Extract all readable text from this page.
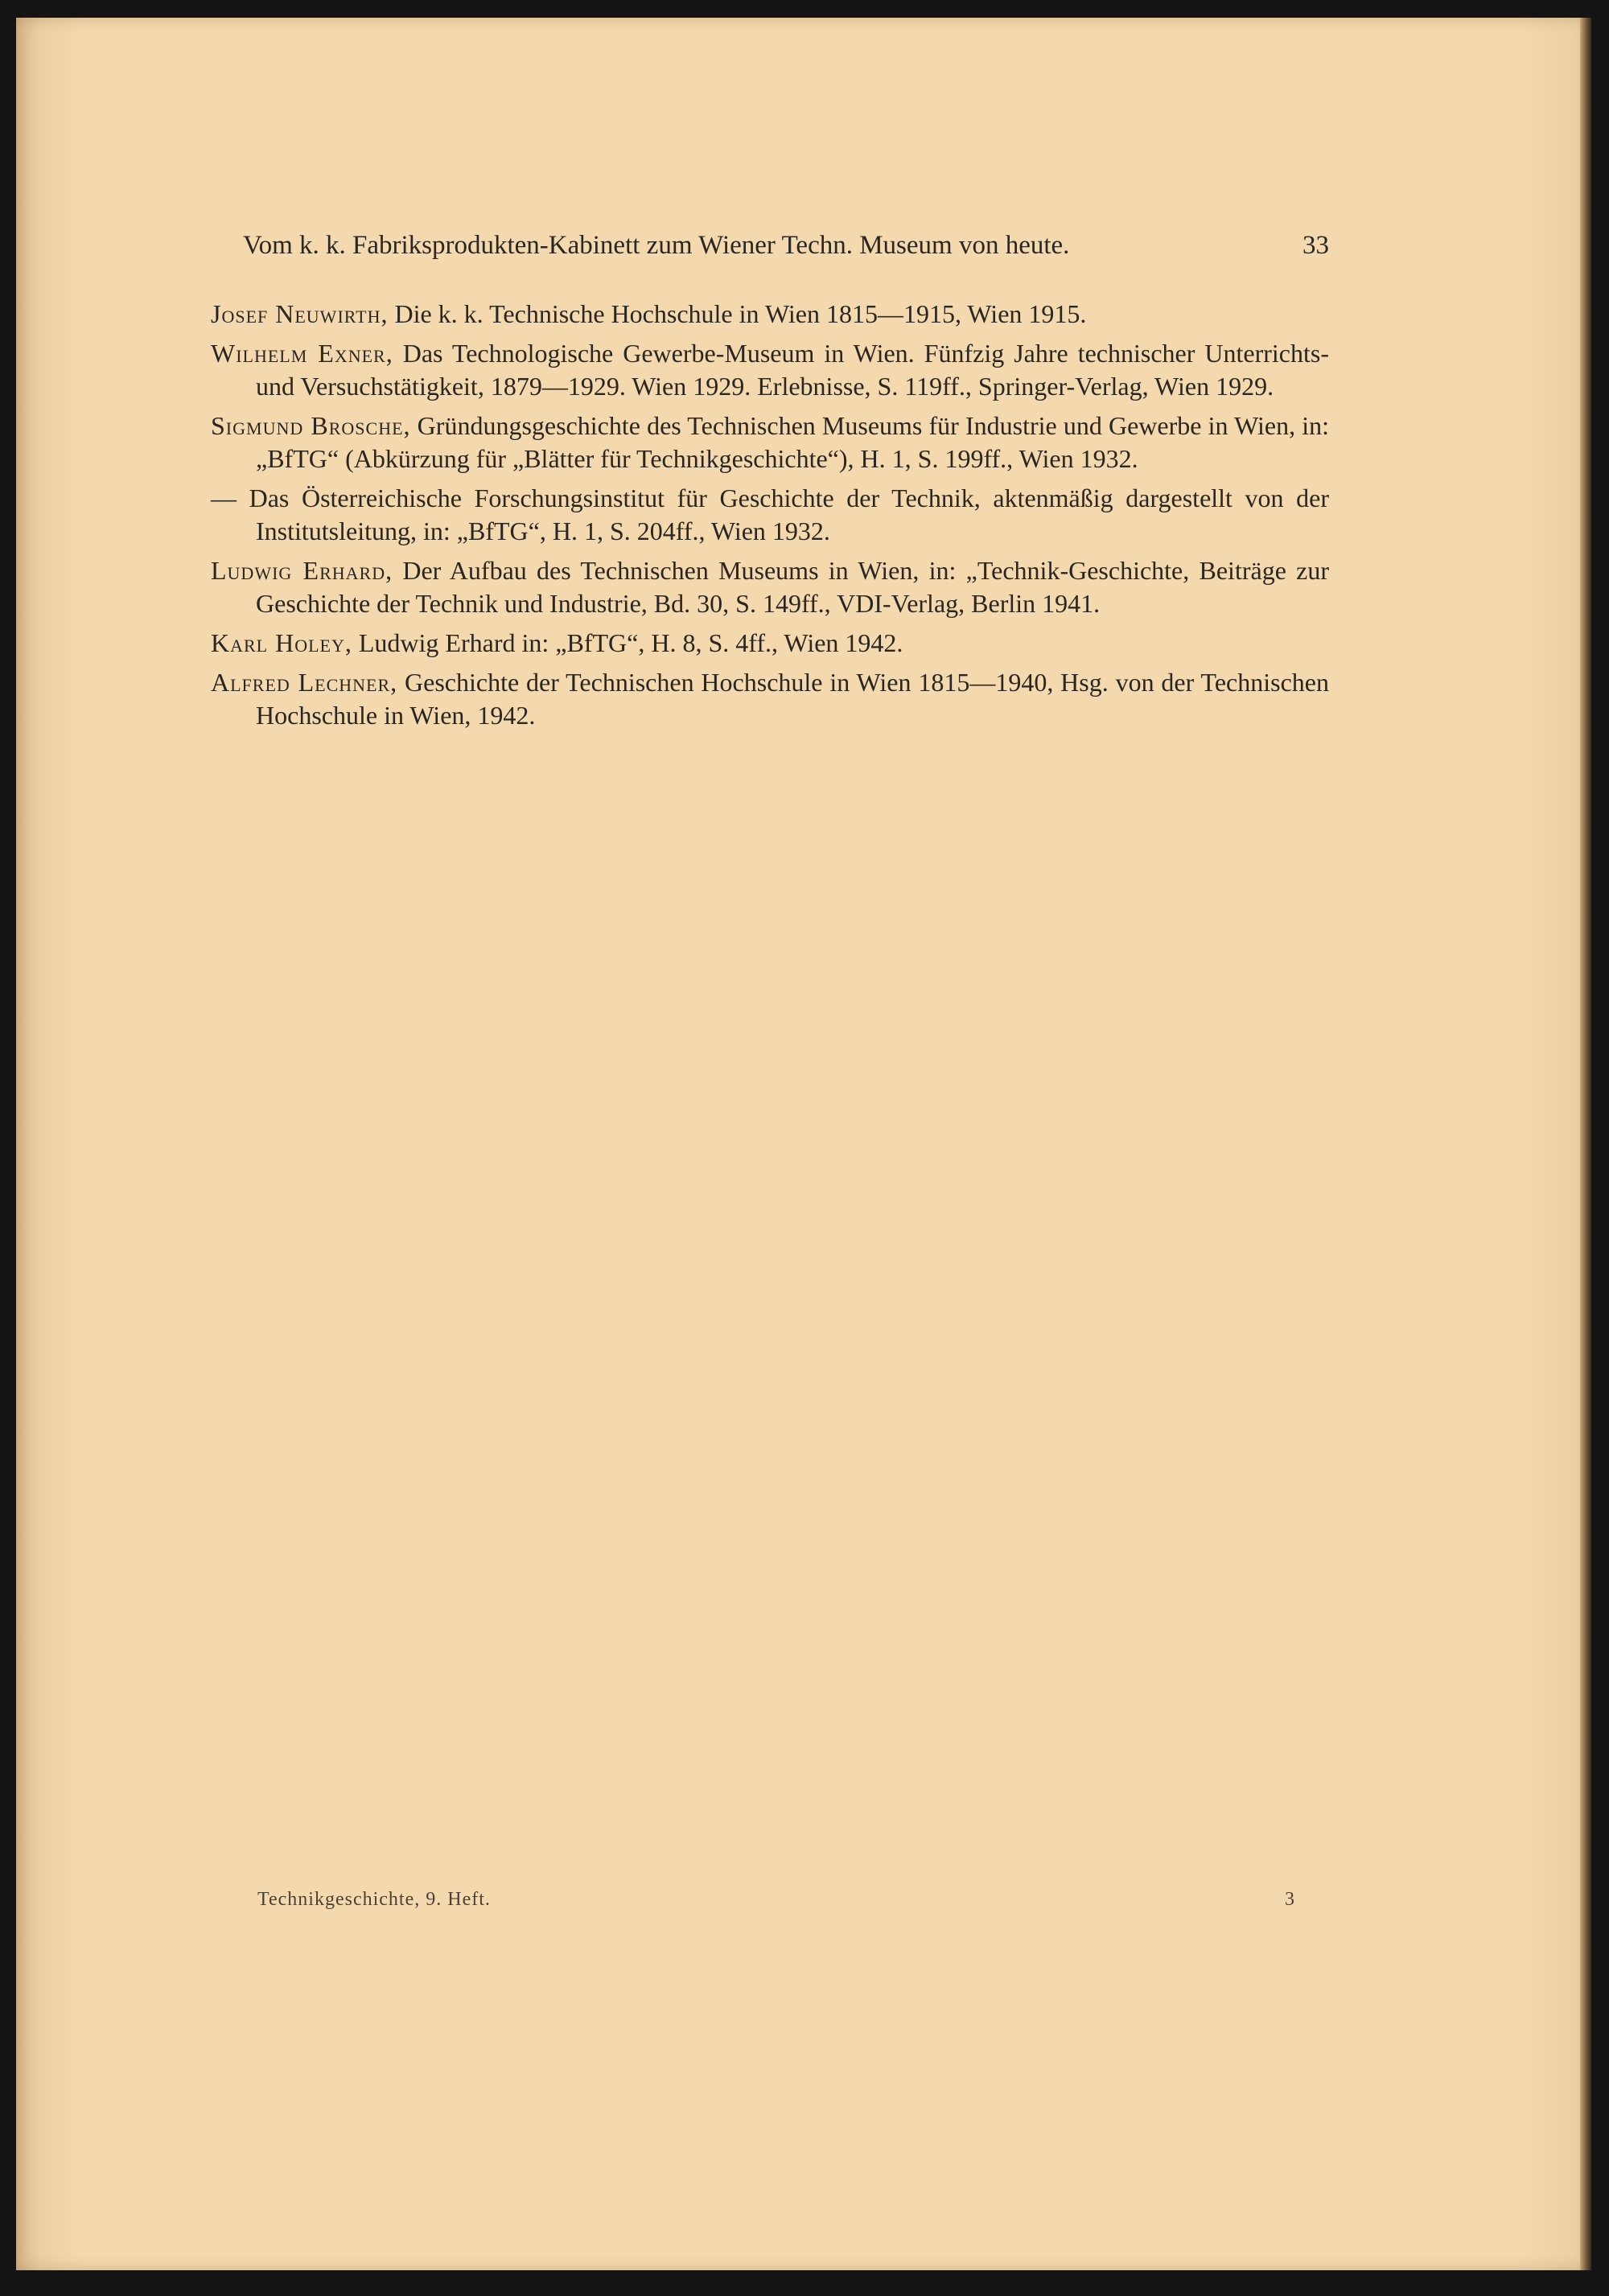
Vom k. k. Fabriksprodukten-Kabinett zum Wiener Techn. Museum von heute.	33
Josef Neuwirth, Die k. k. Technische Hochschule in Wien 1815—1915, Wien 1915.
Wilhelm Exner, Das Technologische Gewerbe-Museum in Wien. Fünfzig Jahre technischer Unterrichts- und Versuchstätigkeit, 1879—1929. Wien 1929. Erlebnisse, S. 119ff., Springer-Verlag, Wien 1929.
Sigmund Brosche, Gründungsgeschichte des Technischen Museums für Industrie und Gewerbe in Wien, in: „BfTG“ (Abkürzung für „Blätter für Technikgeschichte“), H. 1, S. 199ff., Wien 1932.
— Das Österreichische Forschungsinstitut für Geschichte der Technik, aktenmäßig dargestellt von der Institutsleitung, in: „BfTG“, H. 1, S. 204ff., Wien 1932.
Ludwig Erhard, Der Aufbau des Technischen Museums in Wien, in: „Technik-Geschichte, Beiträge zur Geschichte der Technik und Industrie, Bd. 30, S. 149ff., VDI-Verlag, Berlin 1941.
Karl Holey, Ludwig Erhard in: „BfTG“, H. 8, S. 4ff., Wien 1942.
Alfred Lechner, Geschichte der Technischen Hochschule in Wien 1815—1940, Hsg. von der Technischen Hochschule in Wien, 1942.
Technikgeschichte, 9. Heft.	3
